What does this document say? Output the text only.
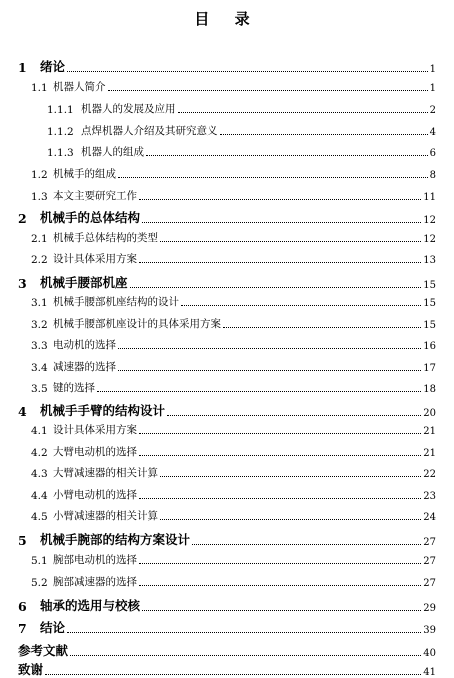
目 录
1	绪论	1
1.1 机器人简介	1
1.1.1 机器人的发展及应用	2
1.1.2 点焊机器人介绍及其研究意义	4
1.1.3 机器人的组成	6
1.2 机械手的组成	8
1.3 本文主要研究工作	11
2	机械手的总体结构	12
2.1 机械手总体结构的类型	12
2.2 设计具体采用方案	13
3	机械手腰部机座	15
3.1 机械手腰部机座结构的设计	15
3.2 机械手腰部机座设计的具体采用方案	15
3.3 电动机的选择	16
3.4 减速器的选择	17
3.5 键的选择	18
4	机械手手臂的结构设计	20
4.1 设计具体采用方案	21
4.2 大臂电动机的选择	21
4.3 大臂减速器的相关计算	22
4.4 小臂电动机的选择	23
4.5 小臂减速器的相关计算	24
5	机械手腕部的结构方案设计	27
5.1 腕部电动机的选择	27
5.2 腕部减速器的选择	27
6	轴承的选用与校核	29
7	结论	39
参考文献	40
致谢	41
